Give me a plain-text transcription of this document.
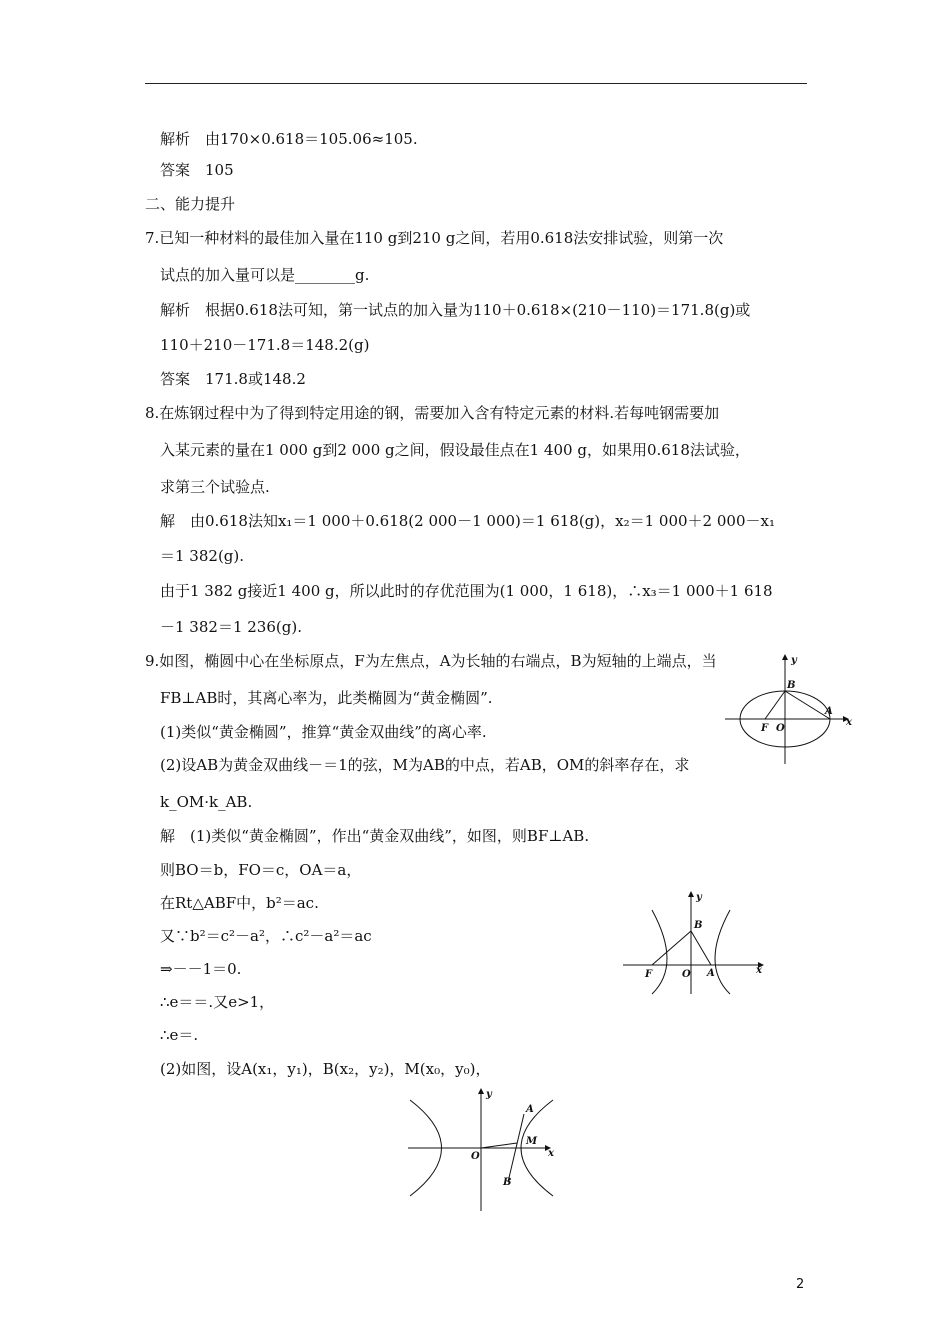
解析　由170×0.618＝105.06≈105.
答案　105
二、能力提升
7.已知一种材料的最佳加入量在110 g到210 g之间，若用0.618法安排试验，则第一次
试点的加入量可以是________g.
解析　根据0.618法可知，第一试点的加入量为110＋0.618×(210－110)＝171.8(g)或
110＋210－171.8＝148.2(g)
答案　171.8或148.2
8.在炼钢过程中为了得到特定用途的钢，需要加入含有特定元素的材料.若每吨钢需要加
入某元素的量在1 000 g到2 000 g之间，假设最佳点在1 400 g，如果用0.618法试验，
求第三个试验点.
解　由0.618法知x₁＝1 000＋0.618(2 000－1 000)＝1 618(g)，x₂＝1 000＋2 000－x₁
＝1 382(g).
由于1 382 g接近1 400 g，所以此时的存优范围为(1 000，1 618)，∴x₃＝1 000＋1 618
－1 382＝1 236(g).
9.如图，椭圆中心在坐标原点，F为左焦点，A为长轴的右端点，B为短轴的上端点，当
FB⊥AB时，其离心率为，此类椭圆为“黄金椭圆”.
(1)类似“黄金椭圆”，推算“黄金双曲线”的离心率.
(2)设AB为黄金双曲线－＝1的弦，M为AB的中点，若AB，OM的斜率存在，求
k_OM·k_AB.
解　(1)类似“黄金椭圆”，作出“黄金双曲线”，如图，则BF⊥AB.
则BO＝b，FO＝c，OA＝a，
在Rt△ABF中，b²＝ac.
又∵b²＝c²－a²，∴c²－a²＝ac
⇒－－1＝0.
∴e＝＝.又e>1，
∴e＝.
(2)如图，设A(x₁，y₁)，B(x₂，y₂)，M(x₀，y₀)，
y
x
B
A
F O
y
x
B
A
F	O
y
x
A
M
B
O
2
